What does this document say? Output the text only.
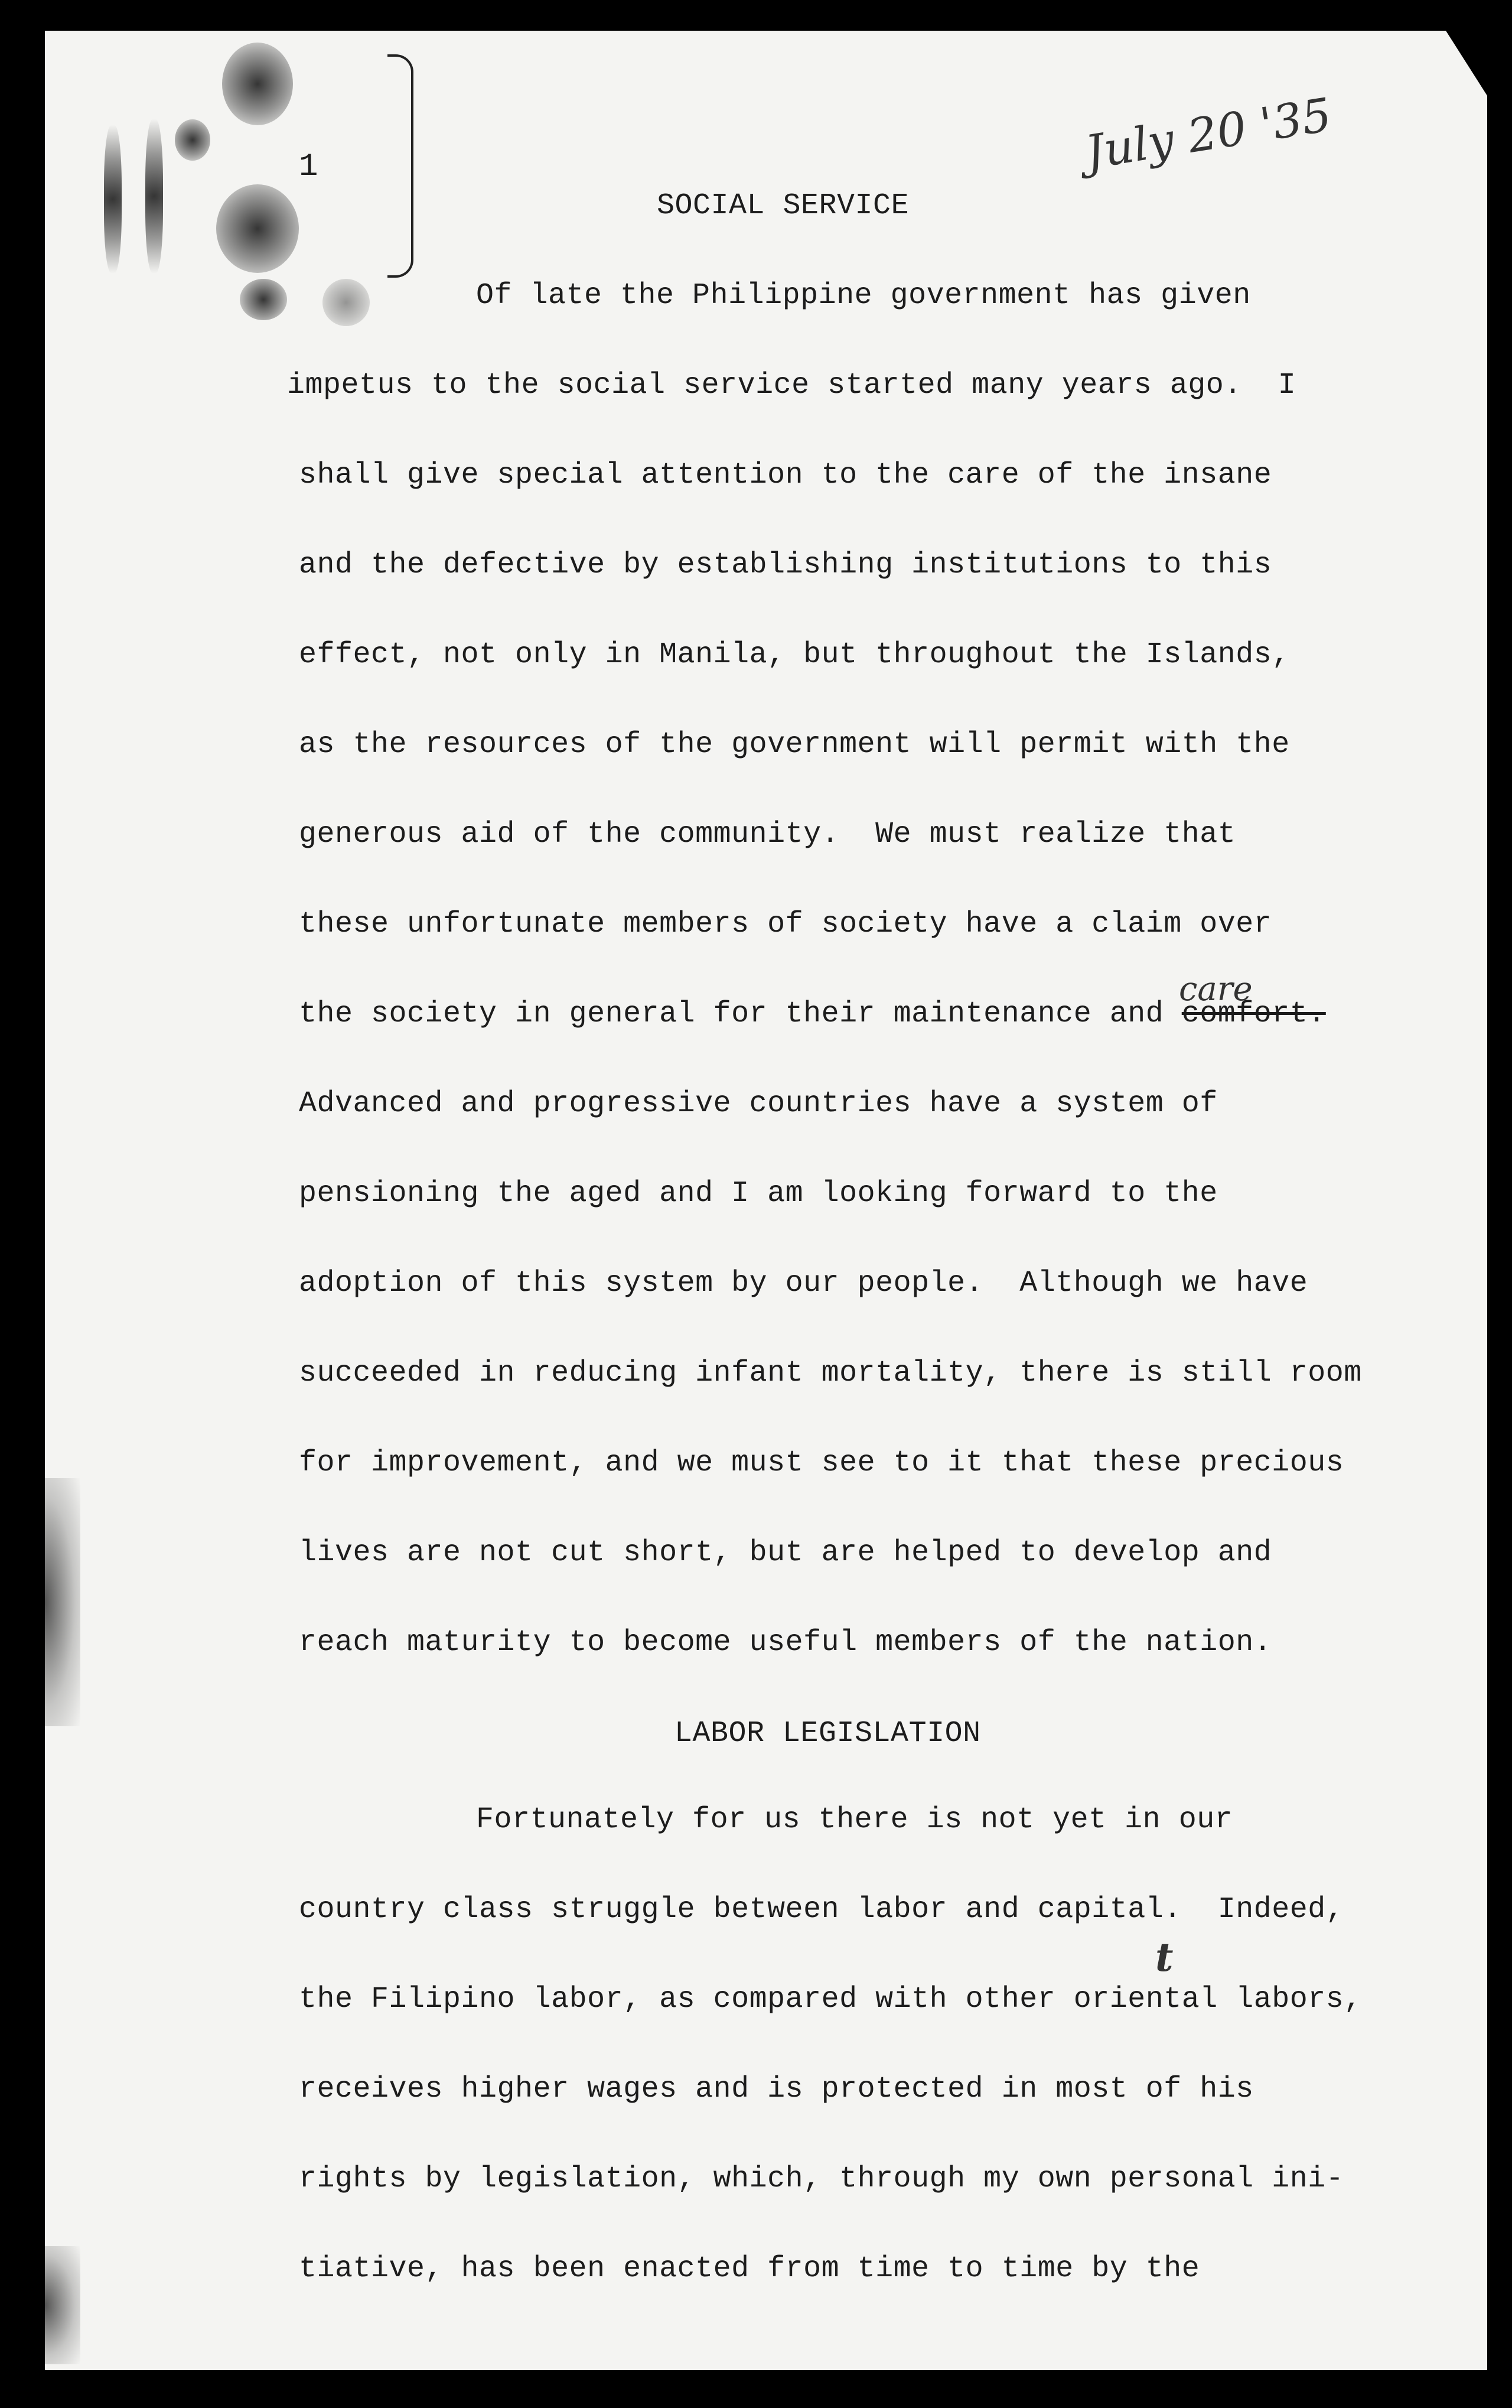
1	July 20 '35

SOCIAL SERVICE

Of late the Philippine government has given

impetus to the social service started many years ago.  I

shall give special attention to the care of the insane

and the defective by establishing institutions to this

effect, not only in Manila, but throughout the Islands,

as the resources of the government will permit with the

generous aid of the community.  We must realize that

these unfortunate members of society have a claim over

the society in general for their maintenance and comfort.

care

Advanced and progressive countries have a system of

pensioning the aged and I am looking forward to the

adoption of this system by our people.  Although we have

succeeded in reducing infant mortality, there is still room

for improvement, and we must see to it that these precious

lives are not cut short, but are helped to develop and

reach maturity to become useful members of the nation.

LABOR LEGISLATION

Fortunately for us there is not yet in our

country class struggle between labor and capital.  Indeed,

t

the Filipino labor, as compared with other oriental labors,

receives higher wages and is protected in most of his

rights by legislation, which, through my own personal ini-

tiative, has been enacted from time to time by the
